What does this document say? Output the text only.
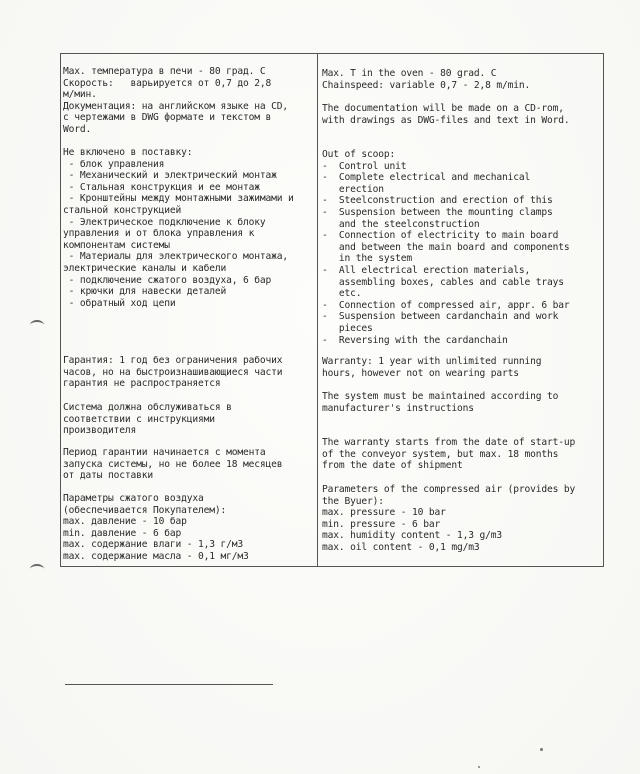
Max. температура в печи - 80 град. С
Скорость:   варьируется от 0,7 до 2,8
м/мин.
Документация: на английском языке на CD,
с чертежами в DWG формате и текстом в
Word.

Не включено в поставку:
- блок управления
- Механический и электрический монтаж
- Стальная конструкция и ее монтаж
- Кронштейны между монтажными зажимами и
стальной конструкцией
- Электрическое подключение к блоку
управления и от блока управления к
компонентам системы
- Материалы для электрического монтажа,
электрические каналы и кабели
- подключение сжатого воздуха, 6 бар
- крючки для навески деталей
- обратный ход цепи

Гарантия: 1 год без ограничения рабочих
часов, но на быстроизнашивающиеся части
гарантия не распространяется

Система должна обслуживаться в
соответствии с инструкциями
производителя

Период гарантии начинается с момента
запуска системы, но не более 18 месяцев
от даты поставки

Параметры сжатого воздуха
(обеспечивается Покупателем):
max. давление - 10 бар
min. давление - 6 бар
max. содержание влаги - 1,3 г/м3
max. содержание масла - 0,1 мг/м3

Max. T in the oven - 80 grad. C
Chainspeed: variable 0,7 - 2,8 m/min.

The documentation will be made on a CD-rom,
with drawings as DWG-files and text in Word.

Out of scoop:
-  Control unit
-  Complete electrical and mechanical
erection
-  Steelconstruction and erection of this
-  Suspension between the mounting clamps
and the steelconstruction
-  Connection of electricity to main board
and between the main board and components
in the system
-  All electrical erection materials,
assembling boxes, cables and cable trays
etc.
-  Connection of compressed air, appr. 6 bar
-  Suspension between cardanchain and work
pieces
-  Reversing with the cardanchain

Warranty: 1 year with unlimited running
hours, however not on wearing parts

The system must be maintained according to
manufacturer's instructions

The warranty starts from the date of start-up
of the conveyor system, but max. 18 months
from the date of shipment

Parameters of the compressed air (provides by
the Byuer):
max. pressure - 10 bar
min. pressure - 6 bar
max. humidity content - 1,3 g/m3
max. oil content - 0,1 mg/m3
